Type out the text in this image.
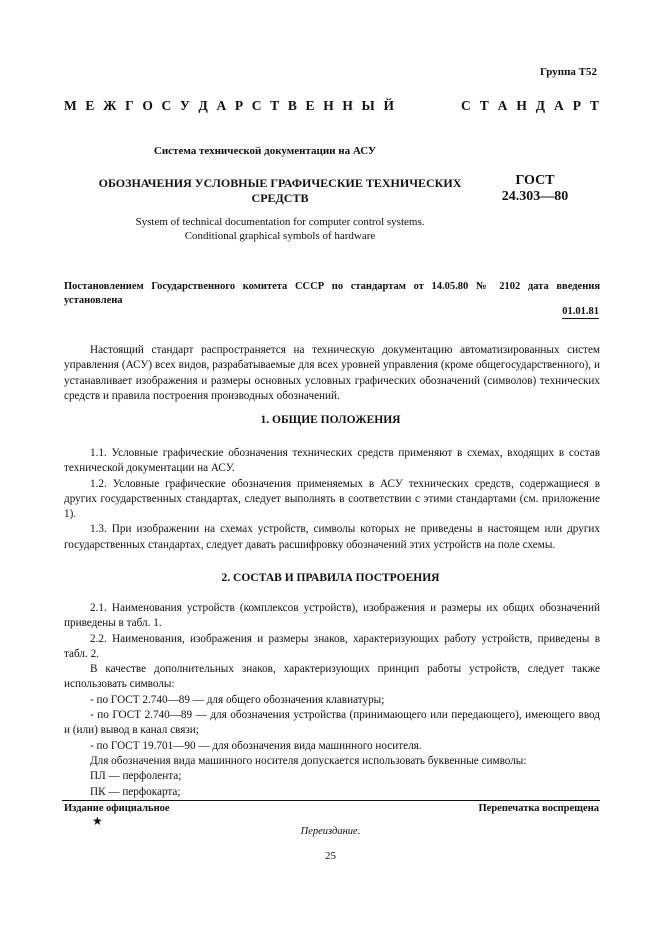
Группа Т52
М Е Ж Г О С У Д А Р С Т В Е Н Н Ы Й	С Т А Н Д А Р Т
Система технической документации на АСУ
ОБОЗНАЧЕНИЯ УСЛОВНЫЕ ГРАФИЧЕСКИЕ ТЕХНИЧЕСКИХ
СРЕДСТВ
ГОСТ
24.303—80
System of technical documentation for computer control systems.
Conditional graphical symbols of hardware
Постановлением Государственного комитета СССР по стандартам от 14.05.80 № 2102 дата введения установлена
01.01.81

Настоящий стандарт распространяется на техническую документацию автоматизированных систем управления (АСУ) всех видов, разрабатываемые для всех уровней управления (кроме общегосударственного), и устанавливает изображения и размеры основных условных графических обозначений (символов) технических средств и правила построения производных обозначений.

1. ОБЩИЕ ПОЛОЖЕНИЯ

1.1. Условные графические обозначения технических средств применяют в схемах, входящих в состав технической документации на АСУ.

1.2. Условные графические обозначения применяемых в АСУ технических средств, содержащиеся в других государственных стандартах, следует выполнять в соответствии с этими стандартами (см. приложение 1).

1.3. При изображении на схемах устройств, символы которых не приведены в настоящем или других государственных стандартах, следует давать расшифровку обозначений этих устройств на поле схемы.

2. СОСТАВ И ПРАВИЛА ПОСТРОЕНИЯ

2.1. Наименования устройств (комплексов устройств), изображения и размеры их общих обозначений приведены в табл. 1.

2.2. Наименования, изображения и размеры знаков, характеризующих работу устройств, приведены в табл. 2.

В качестве дополнительных знаков, характеризующих принцип работы устройств, следует также использовать символы:

- по ГОСТ 2.740—89 — для общего обозначения клавиатуры;

- по ГОСТ 2.740—89 — для обозначения устройства (принимающего или передающего), имеющего ввод и (или) вывод в канал связи;

- по ГОСТ 19.701—90 — для обозначения вида машинного носителя.

Для обозначения вида машинного носителя допускается использовать буквенные символы:

ПЛ — перфолента;

ПК — перфокарта;

Издание официальное	Перепечатка воспрещена
★
Переиздание.
25
